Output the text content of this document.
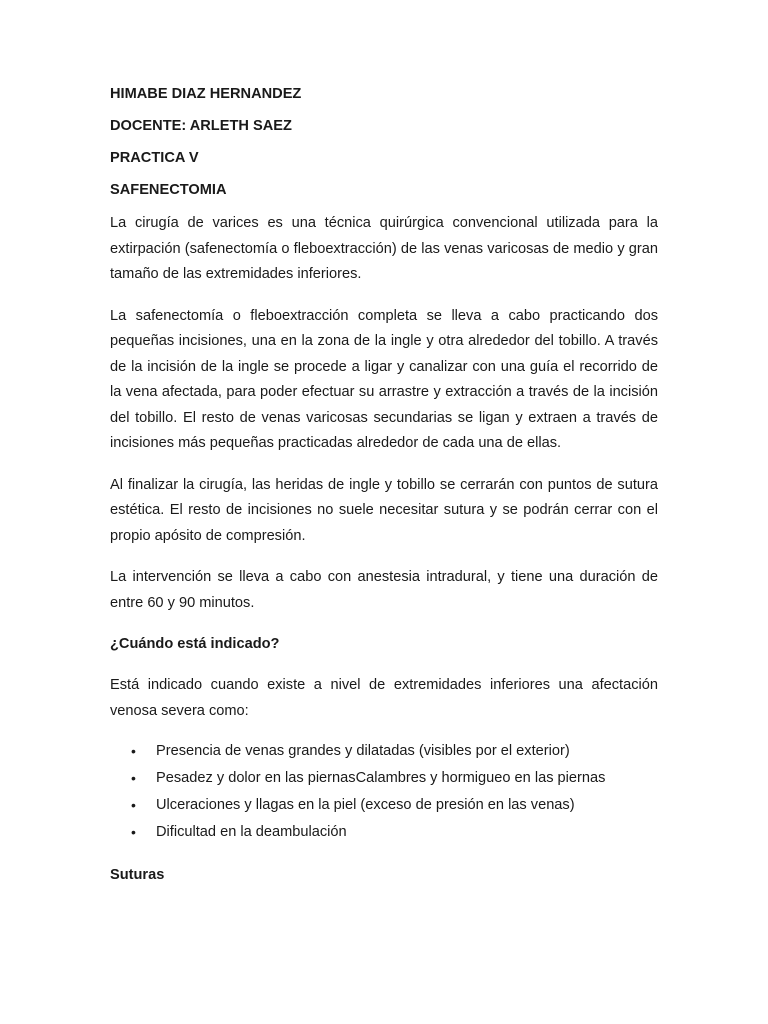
HIMABE DIAZ HERNANDEZ

DOCENTE: ARLETH SAEZ

PRACTICA V

SAFENECTOMIA

La cirugía de varices es una técnica quirúrgica convencional utilizada para la extirpación (safenectomía o fleboextracción) de las venas varicosas de medio y gran tamaño de las extremidades inferiores.

La safenectomía o fleboextracción completa se lleva a cabo practicando dos pequeñas incisiones, una en la zona de la ingle y otra alrededor del tobillo. A través de la incisión de la ingle se procede a ligar y canalizar con una guía el recorrido de la vena afectada, para poder efectuar su arrastre y extracción a través de la incisión del tobillo. El resto de venas varicosas secundarias se ligan y extraen a través de incisiones más pequeñas practicadas alrededor de cada una de ellas.

Al finalizar la cirugía, las heridas de ingle y tobillo se cerrarán con puntos de sutura estética. El resto de incisiones no suele necesitar sutura y se podrán cerrar con el propio apósito de compresión.

La intervención se lleva a cabo con anestesia intradural, y tiene una duración de entre 60 y 90 minutos.

¿Cuándo está indicado?

Está indicado cuando existe a nivel de extremidades inferiores una afectación venosa severa como:

• Presencia de venas grandes y dilatadas (visibles por el exterior)
• Pesadez y dolor en las piernasCalambres y hormigueo en las piernas
• Ulceraciones y llagas en la piel (exceso de presión en las venas)
• Dificultad en la deambulación

Suturas
